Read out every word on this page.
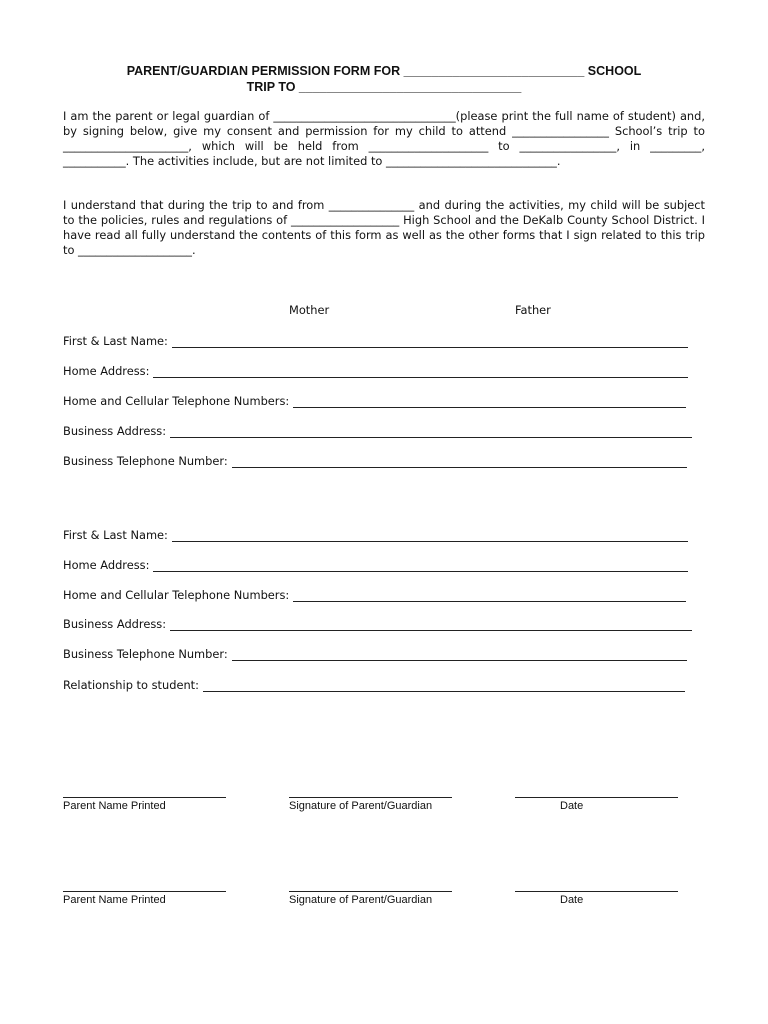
PARENT/GUARDIAN PERMISSION FORM FOR __________________________ SCHOOL
TRIP TO ________________________________
I am the parent or legal guardian of ________________________________(please print the full name of student) and, by signing below, give my consent and permission for my child to attend _________________ School’s trip to ______________________, which will be held from _____________________ to _________________, in _________, ___________. The activities include, but are not limited to ______________________________.
I understand that during the trip to and from _______________ and during the activities, my child will be subject to the policies, rules and regulations of ___________________ High School and the DeKalb County School District. I have read all fully understand the contents of this form as well as the other forms that I sign related to this trip to ____________________.
Mother	Father
First & Last Name:
Home Address:
Home and Cellular Telephone Numbers:
Business Address:
Business Telephone Number:
First & Last Name:
Home Address:
Home and Cellular Telephone Numbers:
Business Address:
Business Telephone Number:
Relationship to student:
Parent Name Printed	Signature of Parent/Guardian	Date
Parent Name Printed	Signature of Parent/Guardian	Date
